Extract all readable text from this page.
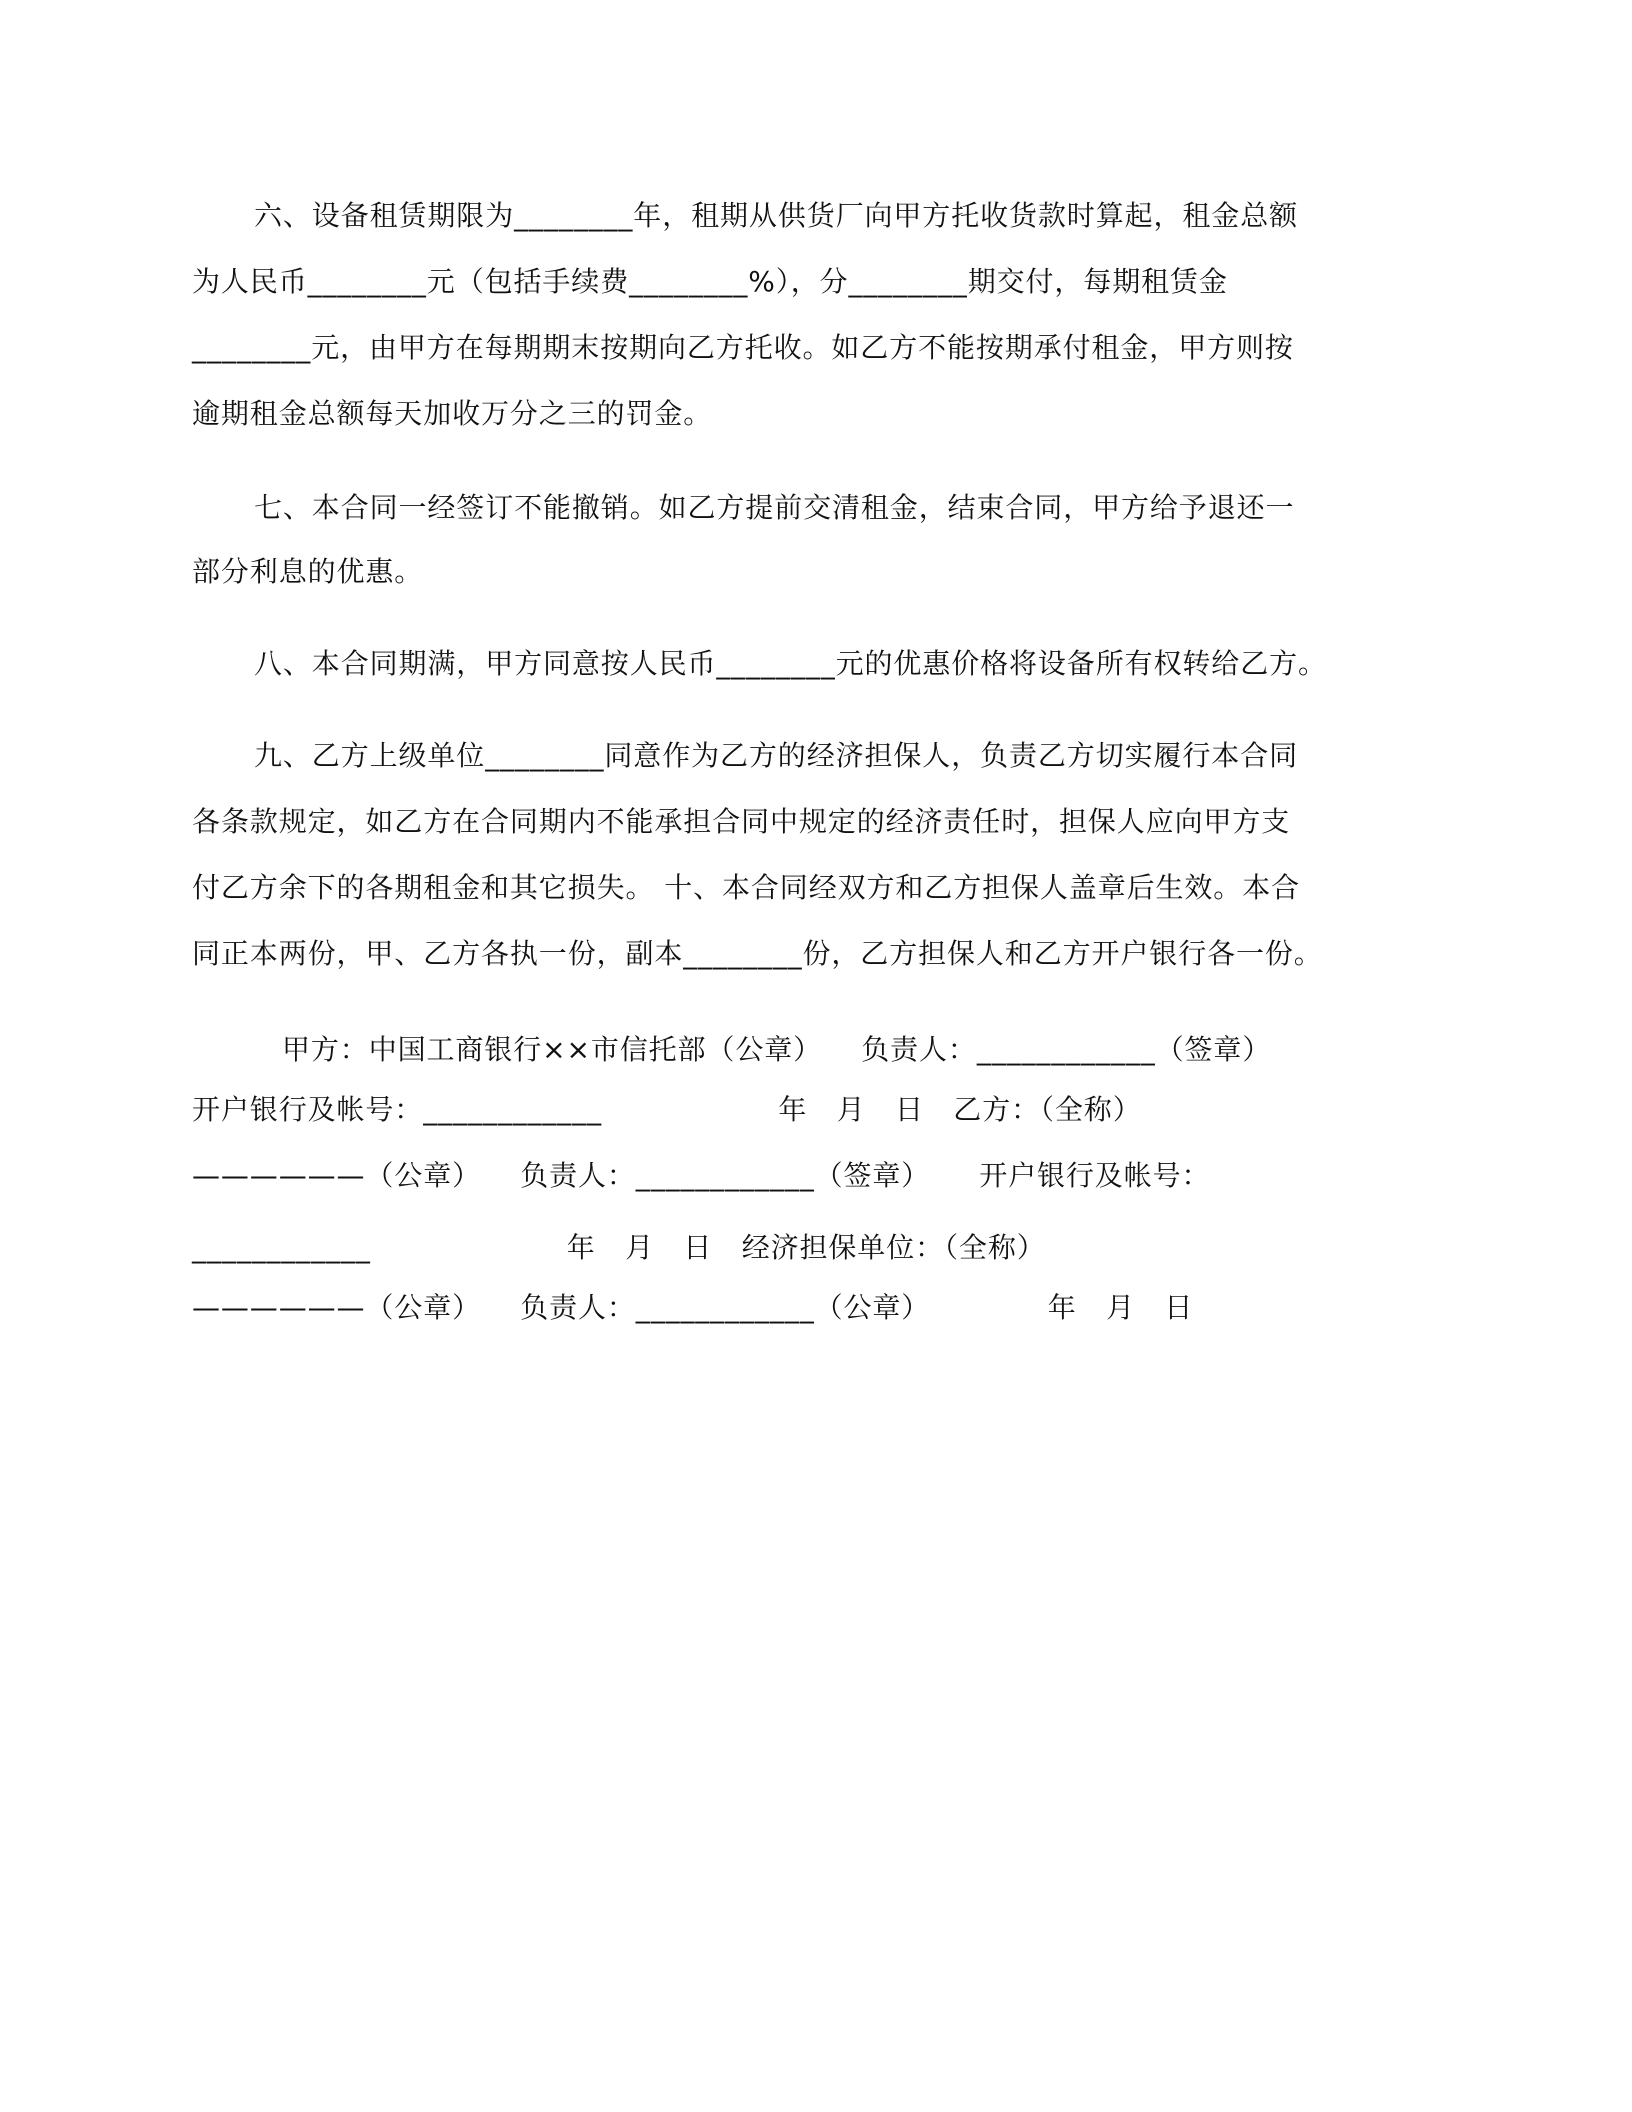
六、设备租赁期限为________年，租期从供货厂向甲方托收货款时算起，租金总额
为人民币________元（包括手续费________%），分________期交付，每期租赁金
________元，由甲方在每期期末按期向乙方托收。如乙方不能按期承付租金，甲方则按
逾期租金总额每天加收万分之三的罚金。
七、本合同一经签订不能撤销。如乙方提前交清租金，结束合同，甲方给予退还一
部分利息的优惠。
八、本合同期满，甲方同意按人民币________元的优惠价格将设备所有权转给乙方。
九、乙方上级单位________同意作为乙方的经济担保人，负责乙方切实履行本合同
各条款规定，如乙方在合同期内不能承担合同中规定的经济责任时，担保人应向甲方支
付乙方余下的各期租金和其它损失。 十、本合同经双方和乙方担保人盖章后生效。本合
同正本两份，甲、乙方各执一份，副本________份，乙方担保人和乙方开户银行各一份。
甲方：中国工商银行××市信托部（公章）    负责人：____________（签章）
开户银行及帐号：____________                  年   月   日   乙方：（全称）
——————（公章）    负责人：____________（签章）     开户银行及帐号：
____________                    年   月   日   经济担保单位：（全称）
——————（公章）    负责人：____________（公章）            年   月   日
